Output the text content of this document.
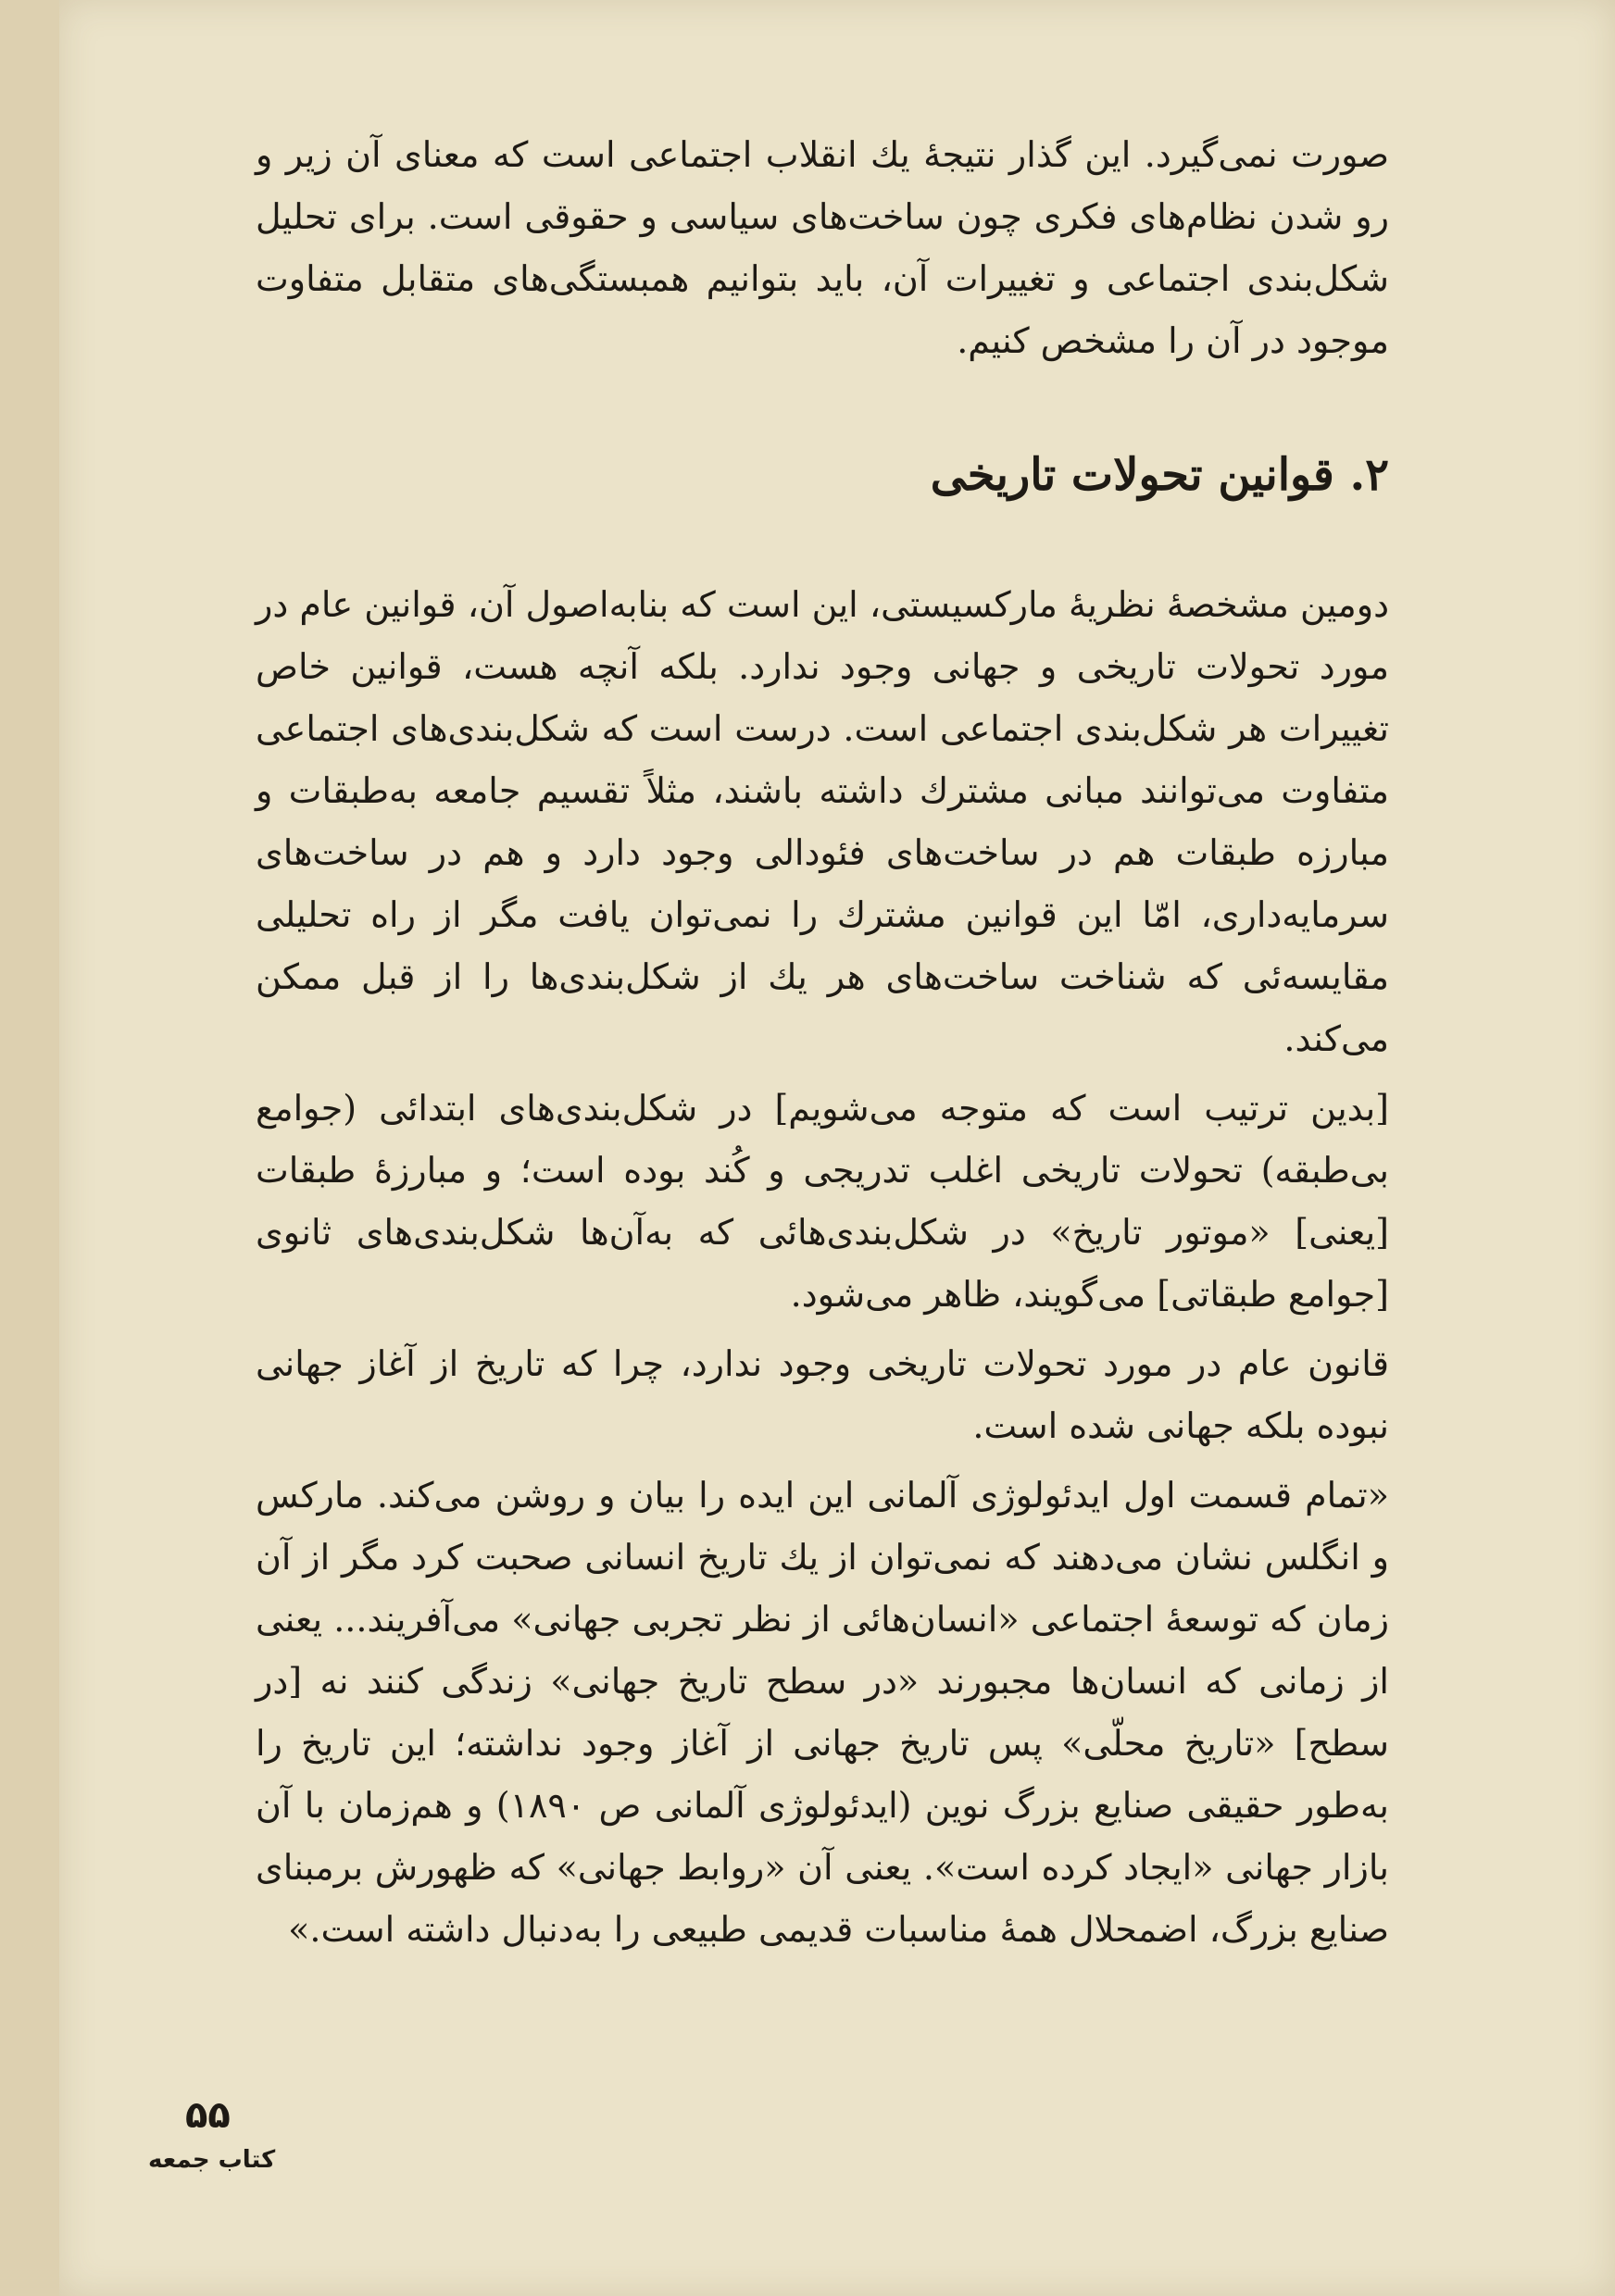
صورت نمی‌گیرد. این گذار نتیجهٔ یك انقلاب اجتماعی است که معنای آن زیر و رو شدن نظام‌های فکری چون ساخت‌های سیاسی و حقوقی است. برای تحلیل شکل‌بندی اجتماعی و تغییرات آن، باید بتوانیم همبستگی‌های متقابل متفاوت موجود در آن را مشخص کنیم.

۲. قوانین تحولات تاریخی

دومین مشخصهٔ نظریهٔ مارکسیستی، این است که بنابه‌اصول آن، قوانین عام در مورد تحولات تاریخی و جهانی وجود ندارد. بلکه آنچه هست، قوانین خاص تغییرات هر شکل‌بندی اجتماعی است. درست است که شکل‌بندی‌های اجتماعی متفاوت می‌توانند مبانی مشترك داشته باشند، مثلاً تقسیم جامعه به‌طبقات و مبارزه طبقات هم در ساخت‌های فئودالی وجود دارد و هم در ساخت‌های سرمایه‌داری، امّا این قوانین مشترك را نمی‌توان یافت مگر از راه تحلیلی مقایسه‌ئی که شناخت ساخت‌های هر یك از شکل‌بندی‌ها را از قبل ممکن می‌کند.

[بدین ترتیب است که متوجه می‌شویم] در شکل‌بندی‌های ابتدائی (جوامع بی‌طبقه) تحولات تاریخی اغلب تدریجی و کُند بوده است؛ و مبارزهٔ طبقات [یعنی] «موتور تاریخ» در شکل‌بندی‌هائی که به‌آن‌ها شکل‌بندی‌های ثانوی [جوامع طبقاتی] می‌گویند، ظاهر می‌شود.

قانون عام در مورد تحولات تاریخی وجود ندارد، چرا که تاریخ از آغاز جهانی نبوده بلکه جهانی شده است.

«تمام قسمت اول ایدئولوژی آلمانی این ایده را بیان و روشن می‌کند. مارکس و انگلس نشان می‌دهند که نمی‌توان از یك تاریخ انسانی صحبت کرد مگر از آن زمان که توسعهٔ اجتماعی «انسان‌هائی از نظر تجربی جهانی» می‌آفریند... یعنی از زمانی که انسان‌ها مجبورند «در سطح تاریخ جهانی» زندگی کنند نه [در سطح] «تاریخ محلّی» پس تاریخ جهانی از آغاز وجود نداشته؛ این تاریخ را به‌طور حقیقی صنایع بزرگ نوین (ایدئولوژی آلمانی ص ۱۸۹۰) و هم‌زمان با آن بازار جهانی «ایجاد کرده است». یعنی آن «روابط جهانی» که ظهورش برمبنای صنایع بزرگ، اضمحلال همهٔ مناسبات قدیمی طبیعی را به‌دنبال داشته است.»

۵۵
کتاب جمعه
